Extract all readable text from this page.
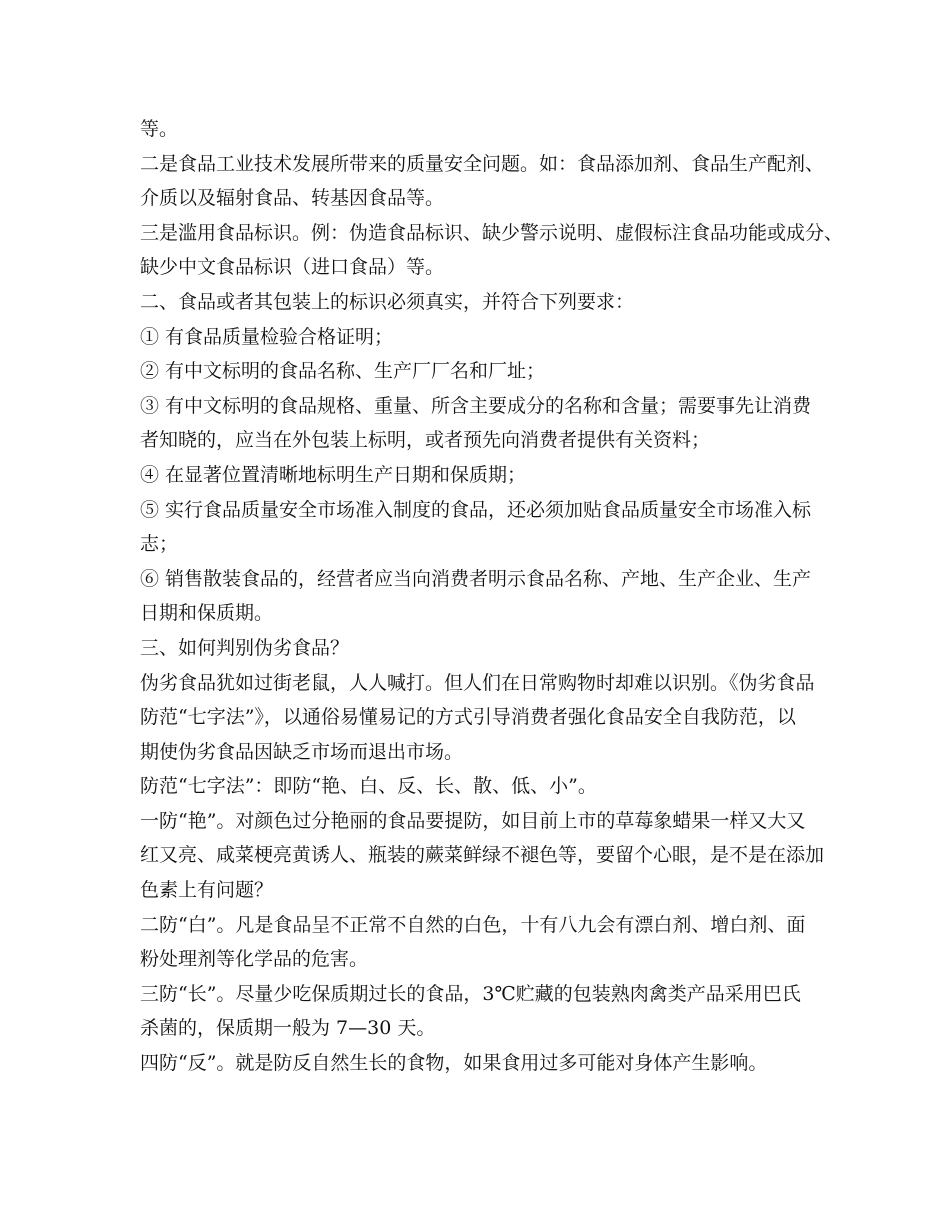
等。
二是食品工业技术发展所带来的质量安全问题。如：食品添加剂、食品生产配剂、
介质以及辐射食品、转基因食品等。
三是滥用食品标识。例：伪造食品标识、缺少警示说明、虚假标注食品功能或成分、
缺少中文食品标识（进口食品）等。
二、食品或者其包装上的标识必须真实，并符合下列要求：
① 有食品质量检验合格证明；
② 有中文标明的食品名称、生产厂厂名和厂址；
③ 有中文标明的食品规格、重量、所含主要成分的名称和含量；需要事先让消费
者知晓的，应当在外包装上标明，或者预先向消费者提供有关资料；
④ 在显著位置清晰地标明生产日期和保质期；
⑤ 实行食品质量安全市场准入制度的食品，还必须加贴食品质量安全市场准入标
志；
⑥ 销售散装食品的，经营者应当向消费者明示食品名称、产地、生产企业、生产
日期和保质期。
三、如何判别伪劣食品？
伪劣食品犹如过街老鼠，人人喊打。但人们在日常购物时却难以识别。《伪劣食品
防范“七字法”》，以通俗易懂易记的方式引导消费者强化食品安全自我防范，以
期使伪劣食品因缺乏市场而退出市场。
防范“七字法”：即防“艳、白、反、长、散、低、小”。
一防“艳”。对颜色过分艳丽的食品要提防，如目前上市的草莓象蜡果一样又大又
红又亮、咸菜梗亮黄诱人、瓶装的蕨菜鲜绿不褪色等，要留个心眼，是不是在添加
色素上有问题？
二防“白”。凡是食品呈不正常不自然的白色，十有八九会有漂白剂、增白剂、面
粉处理剂等化学品的危害。
三防“长”。尽量少吃保质期过长的食品，3℃贮藏的包装熟肉禽类产品采用巴氏
杀菌的，保质期一般为 7—30 天。
四防“反”。就是防反自然生长的食物，如果食用过多可能对身体产生影响。
